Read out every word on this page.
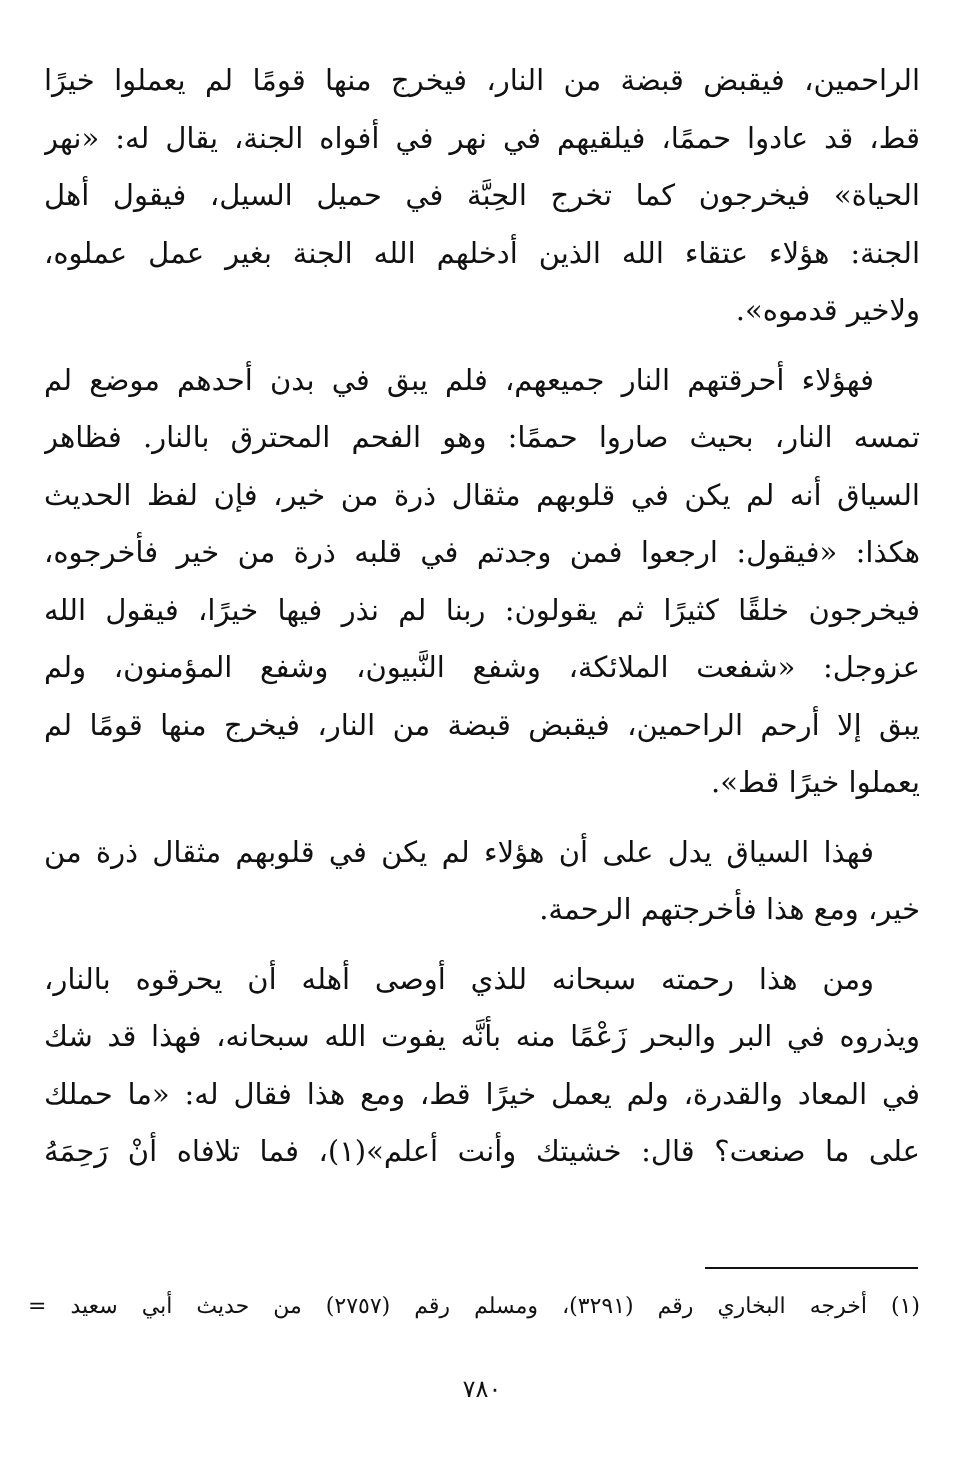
الراحمين، فيقبض قبضة من النار، فيخرج منها قومًا لم يعملوا خيرًا
قط، قد عادوا حممًا، فيلقيهم في نهر في أفواه الجنة، يقال له: «نهر
الحياة» فيخرجون كما تخرج الحِبَّة في حميل السيل، فيقول أهل
الجنة: هؤلاء عتقاء الله الذين أدخلهم الله الجنة بغير عمل عملوه،
ولاخير قدموه».
فهؤلاء أحرقتهم النار جميعهم، فلم يبق في بدن أحدهم موضع لم
تمسه النار، بحيث صاروا حممًا: وهو الفحم المحترق بالنار. فظاهر
السياق أنه لم يكن في قلوبهم مثقال ذرة من خير، فإن لفظ الحديث
هكذا: «فيقول: ارجعوا فمن وجدتم في قلبه ذرة من خير فأخرجوه،
فيخرجون خلقًا كثيرًا ثم يقولون: ربنا لم نذر فيها خيرًا، فيقول الله
عزوجل: «شفعت الملائكة، وشفع النَّبيون، وشفع المؤمنون، ولم
يبق إلا أرحم الراحمين، فيقبض قبضة من النار، فيخرج منها قومًا لم
يعملوا خيرًا قط».
فهذا السياق يدل على أن هؤلاء لم يكن في قلوبهم مثقال ذرة من
خير، ومع هذا فأخرجتهم الرحمة.
ومن هذا رحمته سبحانه للذي أوصى أهله أن يحرقوه بالنار،
ويذروه في البر والبحر زَعْمًا منه بأنَّه يفوت الله سبحانه، فهذا قد شك
في المعاد والقدرة، ولم يعمل خيرًا قط، ومع هذا فقال له: «ما حملك
على ما صنعت؟ قال: خشيتك وأنت أعلم»(١)، فما تلافاه أنْ رَحِمَهُ
(١) أخرجه البخاري رقم (٣٢٩١)، ومسلم رقم (٢٧٥٧) من حديث أبي سعيد =
٧٨٠
